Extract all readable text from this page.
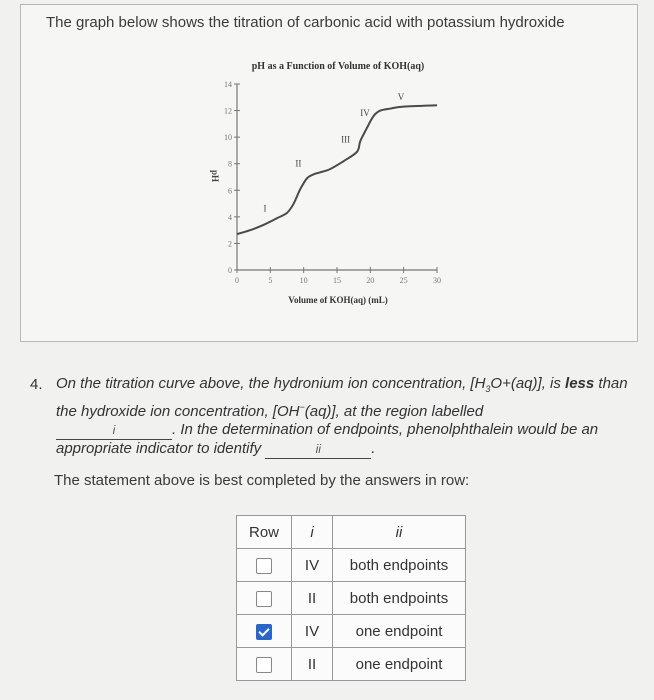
The graph below shows the titration of carbonic acid with potassium hydroxide
pH as a Function of Volume of KOH(aq)
pH
Volume of KOH(aq) (mL)
0
2
4
6
8
10
12
14
0	5	10	15	20	25	30
I
II
III
IV
V
4. On the titration curve above, the hydronium ion concentration, $[H_3O+(aq)]$, is less than the hydroxide ion concentration, [OH−(aq)], at the region labelled
i	. In the determination of endpoints, phenolphthalein would be an appropriate indicator to identify	ii	.
The statement above is best completed by the answers in row:
Row	i	ii
	IV	both endpoints
	II	both endpoints
	IV	one endpoint
	II	one endpoint
